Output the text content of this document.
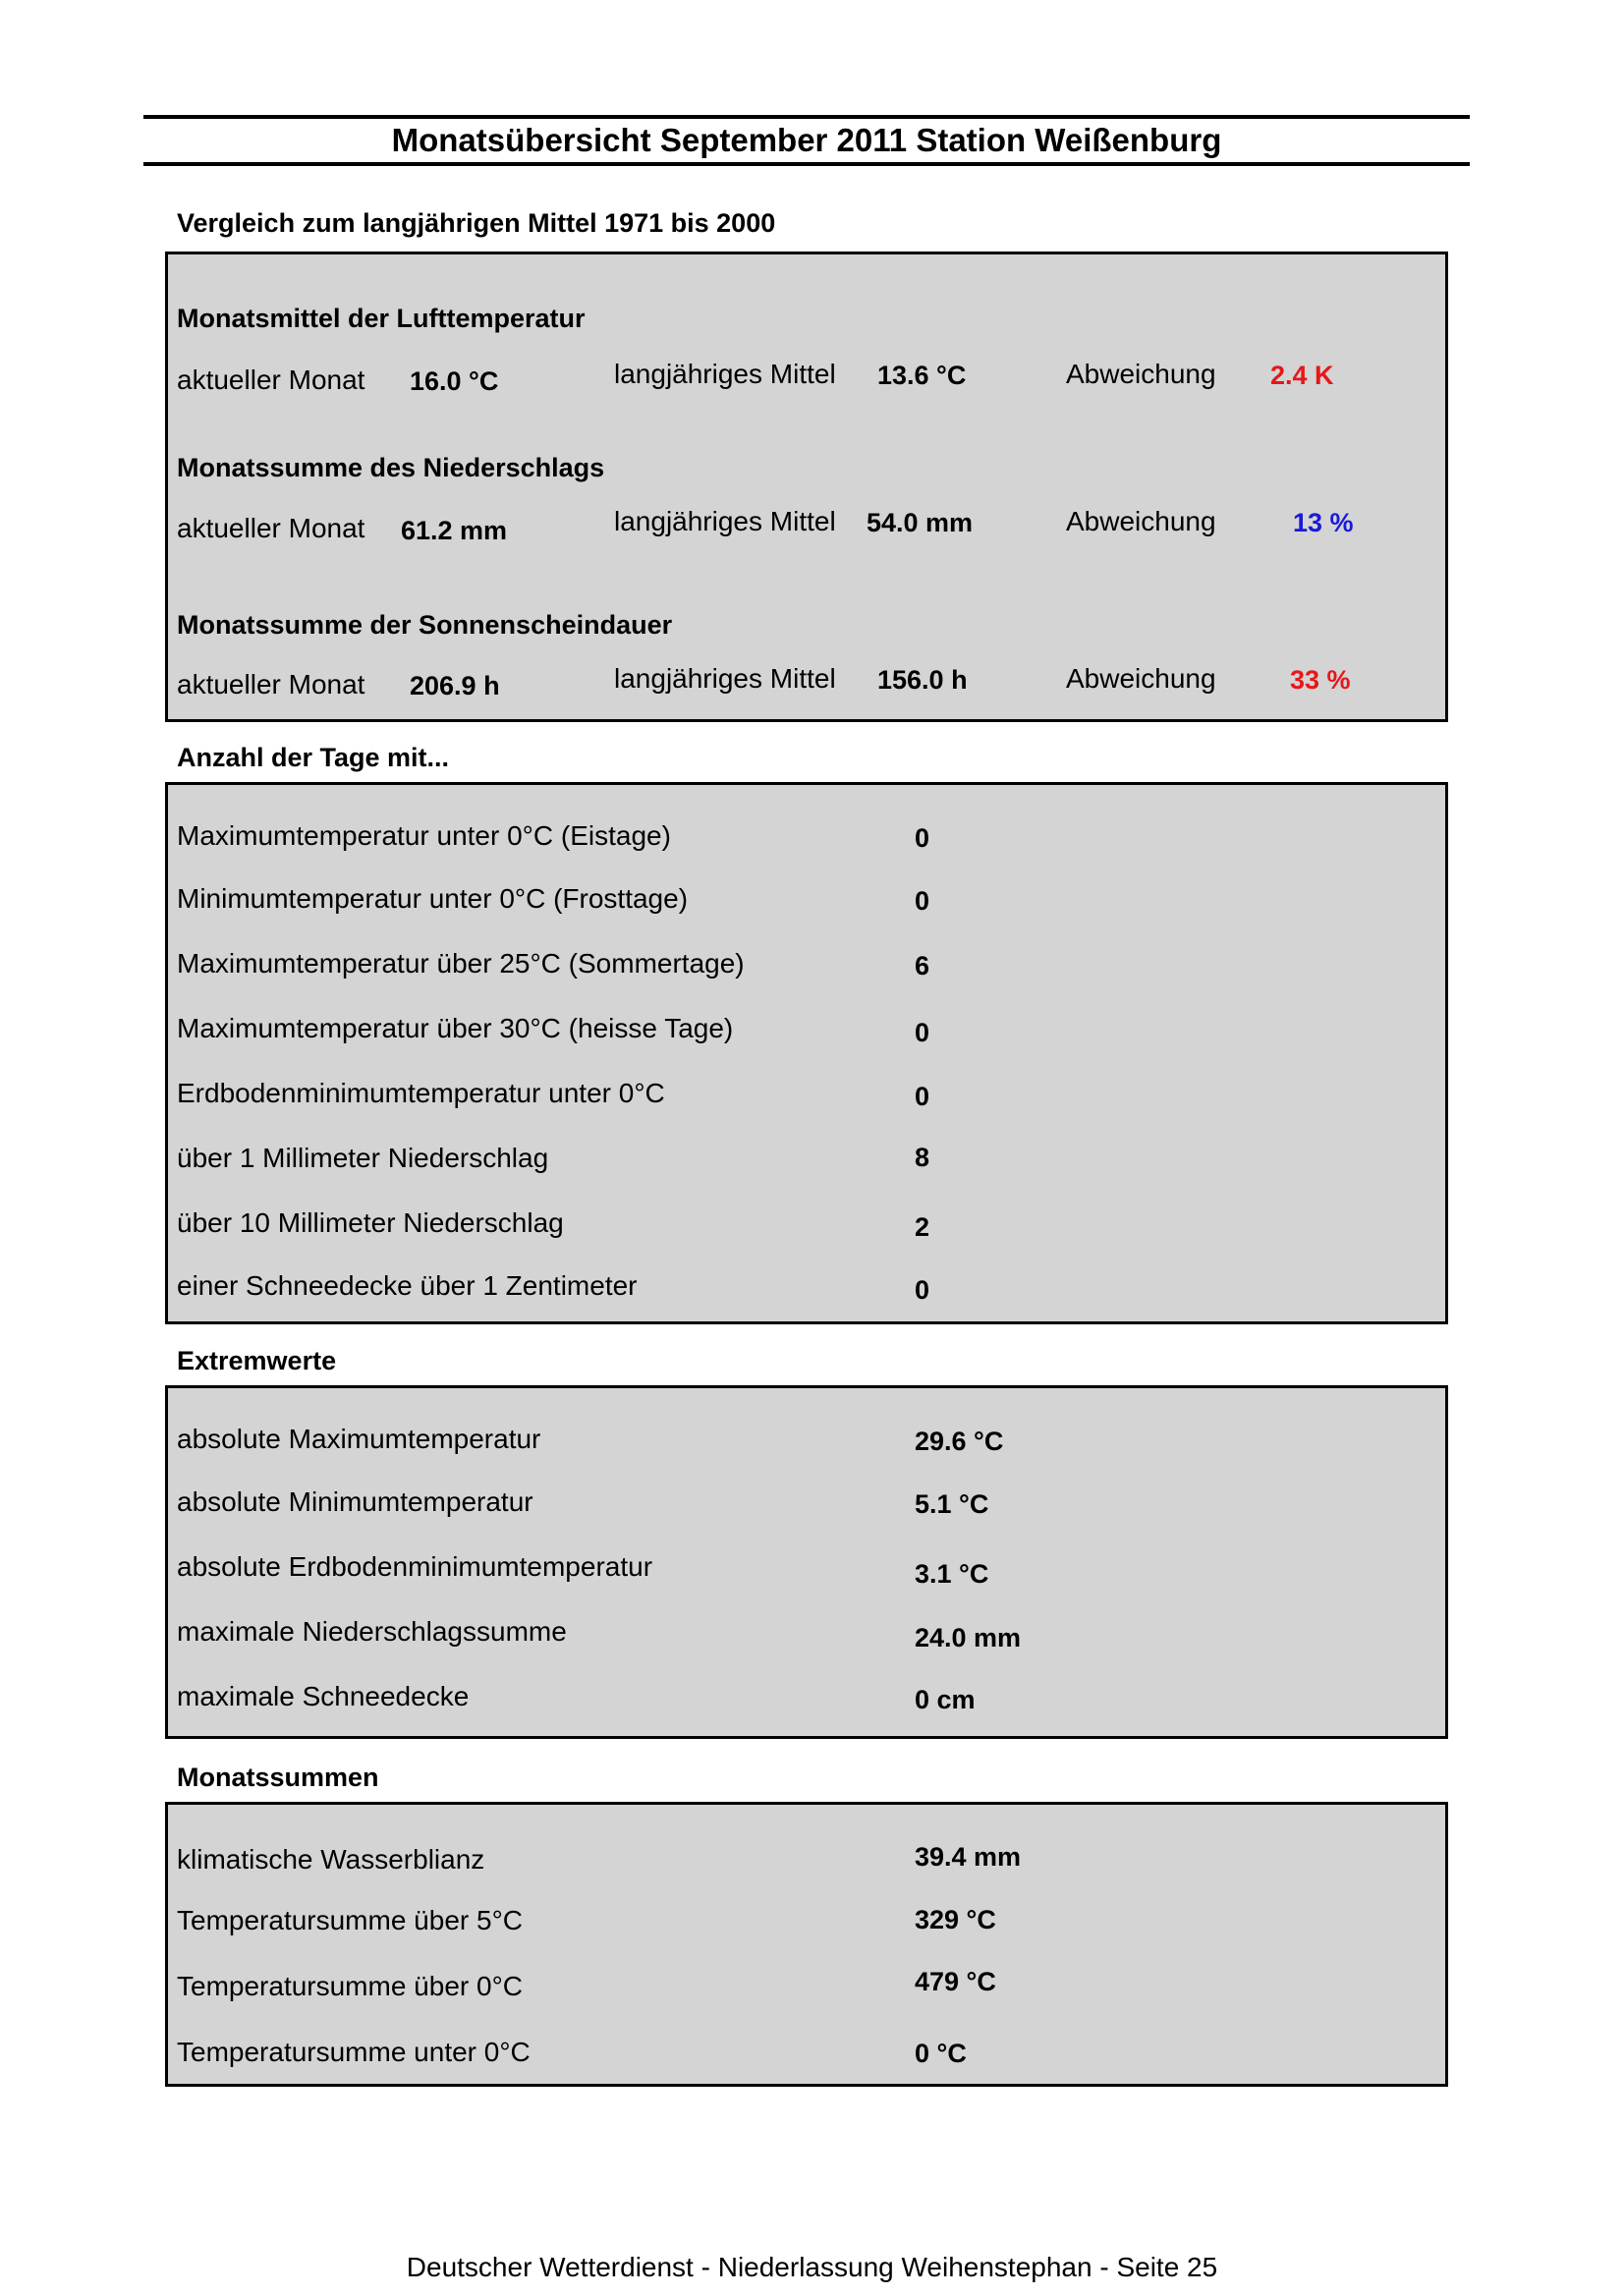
Monatsübersicht September 2011 Station Weißenburg
Vergleich zum langjährigen Mittel 1971 bis 2000
Monatsmittel der Lufttemperatur
aktueller Monat 16.0 °C	langjähriges Mittel 13.6 °C	Abweichung 2.4 K
Monatssumme des Niederschlags
aktueller Monat 61.2 mm	langjähriges Mittel 54.0 mm	Abweichung	13 %
Monatssumme der Sonnenscheindauer
aktueller Monat 206.9 h	langjähriges Mittel 156.0 h	Abweichung	33 %
Anzahl der Tage mit...
Maximumtemperatur unter 0°C (Eistage)	0
Minimumtemperatur unter 0°C (Frosttage)	0
Maximumtemperatur über 25°C (Sommertage)	6
Maximumtemperatur über 30°C (heisse Tage)	0
Erdbodenminimumtemperatur unter 0°C	0
über 1 Millimeter Niederschlag	8
über 10 Millimeter Niederschlag	2
einer Schneedecke über 1 Zentimeter	0
Extremwerte
absolute Maximumtemperatur	29.6 °C
absolute Minimumtemperatur	5.1 °C
absolute Erdbodenminimumtemperatur	3.1 °C
maximale Niederschlagssumme	24.0 mm
maximale Schneedecke	0 cm
Monatssummen
klimatische Wasserblianz	39.4 mm
Temperatursumme über 5°C	329 °C
Temperatursumme über 0°C	479 °C
Temperatursumme unter 0°C	0 °C
Deutscher Wetterdienst - Niederlassung Weihenstephan - Seite 25
